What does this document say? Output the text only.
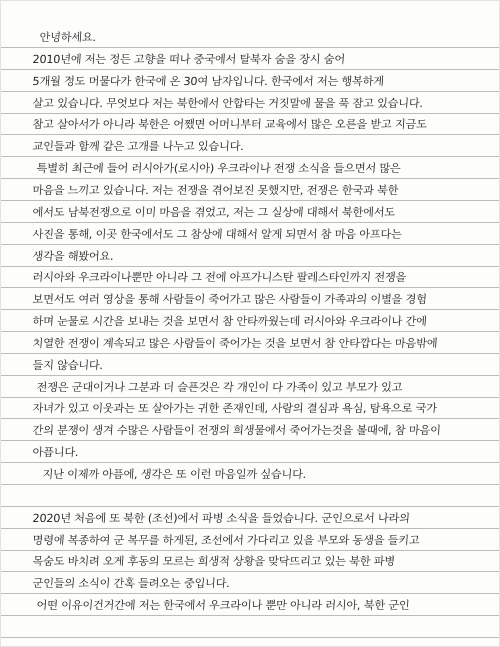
안녕하세요.
2010년에 저는 정든 고향을 떠나 중국에서 탈북자 숨을 장시 숨어
5개월 정도 머물다가 한국에 온 30여 남자입니다. 한국에서 저는 행복하게
살고 있습니다. 무엇보다 저는 북한에서 안합타는 거짓말에 물을 푹 잠고 있습니다.
참고 살아서가 아니라 북한은 어쨌면 어머니부터 교육에서 많은 오른을 받고 지금도
교인들과 함께 같은 고개를 나누고 있습니다.
특별히 최근에 들어 러시아가(로시아) 우크라이나 전쟁 소식을 들으면서 많은
마음을 느끼고 있습니다. 저는 전쟁을 겪어보진 못했지만, 전쟁은 한국과 북한
에서도 남북전쟁으로 이미 마음을 겪었고, 저는 그 실상에 대해서 북한에서도
사진을 통해, 이곳 한국에서도 그 참상에 대해서 알게 되면서 참 마음 아프다는
생각을 해봤어요.
러시아와 우크라이나뿐만 아니라 그 전에 아프가니스탄 팔레스타인까지 전쟁을
보면서도 여러 영상을 통해 사람들이 죽어가고 많은 사람들이 가족과의 이별을 경험
하며 눈물로 시간을 보내는 것을 보면서 참 안타까웠는데 러시아와 우크라이나 간에
치열한 전쟁이 계속되고 많은 사람들이 죽어가는 것을 보면서 참 안타깝다는 마음밖에
들지 않습니다.
전쟁은 군대이거나 그분과 더 슬픈것은 각 개인이 다 가족이 있고 부모가 있고
자녀가 있고 이웃과는 또 살아가는 귀한 존재인데, 사람의 결심과 욕심, 탐욕으로 국가
간의 분쟁이 생겨 수많은 사람들이 전쟁의 희생물에서 죽어가는것을 볼때에, 참 마음이
아픕니다.
지난 이제까 아픔에, 생각은 또 이런 마음일까 싶습니다.
2020년 처음에 또 북한 (조선)에서 파병 소식을 들었습니다. 군인으로서 나라의
명령에 복종하여 군 복무를 하게된, 조선에서 가다리고 있을 부모와 동생을 들키고
목숨도 바치려 오게 후동의 모르는 희생적 상황을 맞닥뜨리고 있는 북한 파병
군인들의 소식이 간혹 들려오는 중입니다.
어떤 이유이건거간에 저는 한국에서 우크라이나 뿐만 아니라 러시아, 북한 군인
